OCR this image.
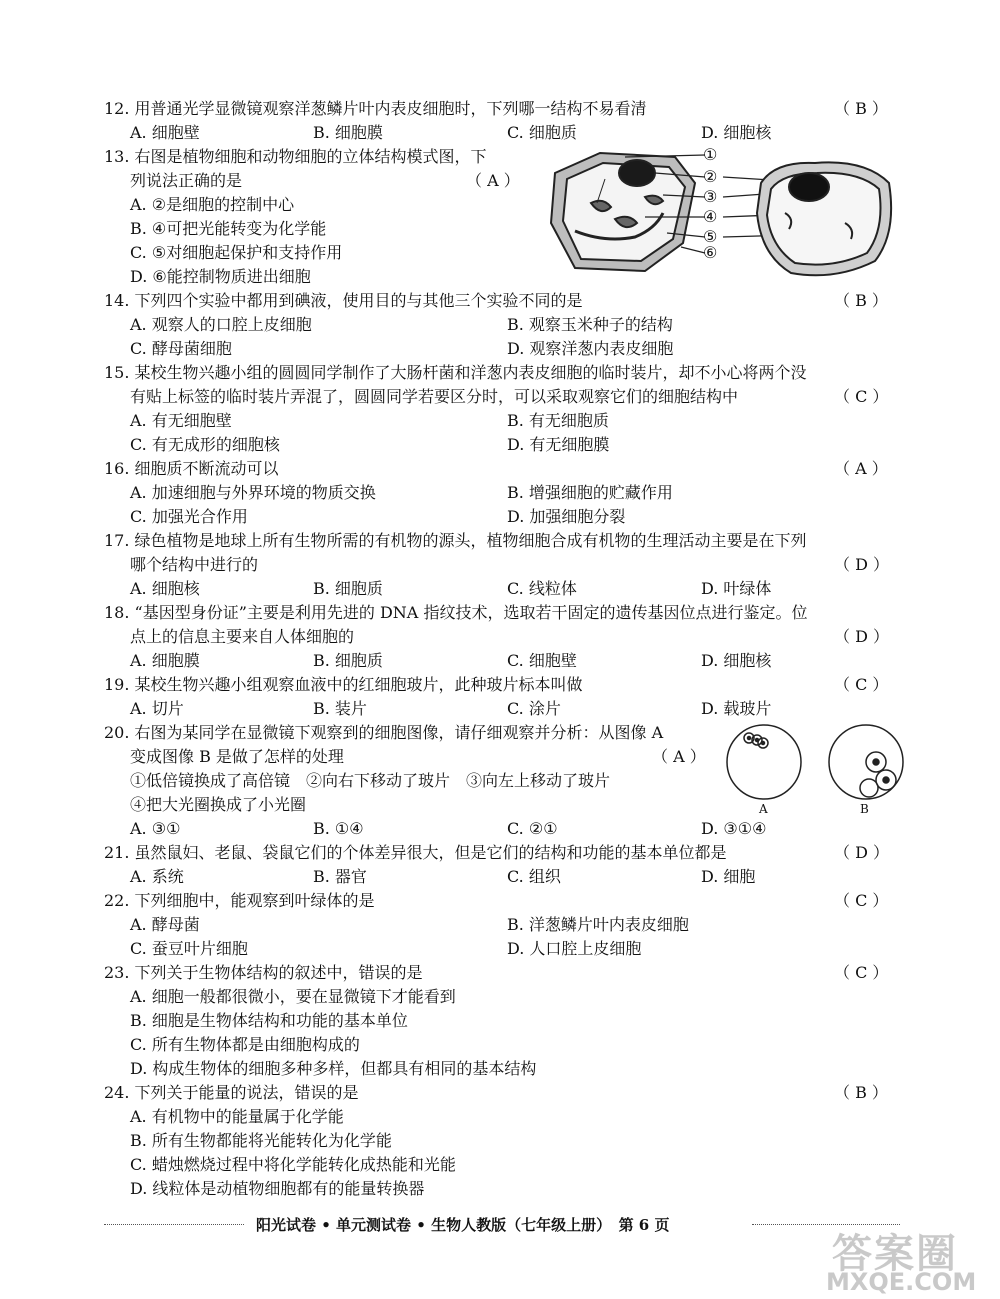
12. 用普通光学显微镜观察洋葱鳞片叶内表皮细胞时，下列哪一结构不易看清	（ B ）
A. 细胞壁	B. 细胞膜	C. 细胞质	D. 细胞核
13. 右图是植物细胞和动物细胞的立体结构模式图，下
列说法正确的是	（ A ）
A. ②是细胞的控制中心
B. ④可把光能转变为化学能
C. ⑤对细胞起保护和支持作用
D. ⑥能控制物质进出细胞
①
②
③
④
⑤
⑥
14. 下列四个实验中都用到碘液，使用目的与其他三个实验不同的是	（ B ）
A. 观察人的口腔上皮细胞	B. 观察玉米种子的结构
C. 酵母菌细胞	D. 观察洋葱内表皮细胞
15. 某校生物兴趣小组的圆圆同学制作了大肠杆菌和洋葱内表皮细胞的临时装片，却不小心将两个没
有贴上标签的临时装片弄混了，圆圆同学若要区分时，可以采取观察它们的细胞结构中	（ C ）
A. 有无细胞壁	B. 有无细胞质
C. 有无成形的细胞核	D. 有无细胞膜
16. 细胞质不断流动可以	（ A ）
A. 加速细胞与外界环境的物质交换	B. 增强细胞的贮藏作用
C. 加强光合作用	D. 加强细胞分裂
17. 绿色植物是地球上所有生物所需的有机物的源头，植物细胞合成有机物的生理活动主要是在下列
哪个结构中进行的	（ D ）
A. 细胞核	B. 细胞质	C. 线粒体	D. 叶绿体
18. “基因型身份证”主要是利用先进的 DNA 指纹技术，选取若干固定的遗传基因位点进行鉴定。位
点上的信息主要来自人体细胞的	（ D ）
A. 细胞膜	B. 细胞质	C. 细胞壁	D. 细胞核
19. 某校生物兴趣小组观察血液中的红细胞玻片，此种玻片标本叫做	（ C ）
A. 切片	B. 装片	C. 涂片	D. 载玻片
20. 右图为某同学在显微镜下观察到的细胞图像，请仔细观察并分析：从图像 A
变成图像 B 是做了怎样的处理	（ A ）
①低倍镜换成了高倍镜　②向右下移动了玻片　③向左上移动了玻片
④把大光圈换成了小光圈
A. ③①	B. ①④	C. ②①	D. ③①④
A	B
21. 虽然鼠妇、老鼠、袋鼠它们的个体差异很大，但是它们的结构和功能的基本单位都是	（ D ）
A. 系统	B. 器官	C. 组织	D. 细胞
22. 下列细胞中，能观察到叶绿体的是	（ C ）
A. 酵母菌	B. 洋葱鳞片叶内表皮细胞
C. 蚕豆叶片细胞	D. 人口腔上皮细胞
23. 下列关于生物体结构的叙述中，错误的是	（ C ）
A. 细胞一般都很微小，要在显微镜下才能看到
B. 细胞是生物体结构和功能的基本单位
C. 所有生物体都是由细胞构成的
D. 构成生物体的细胞多种多样，但都具有相同的基本结构
24. 下列关于能量的说法，错误的是	（ B ）
A. 有机物中的能量属于化学能
B. 所有生物都能将光能转化为化学能
C. 蜡烛燃烧过程中将化学能转化成热能和光能
D. 线粒体是动植物细胞都有的能量转换器
阳光试卷 • 单元测试卷 • 生物人教版（七年级上册）　第 6 页
答案圈
MXQE.COM
